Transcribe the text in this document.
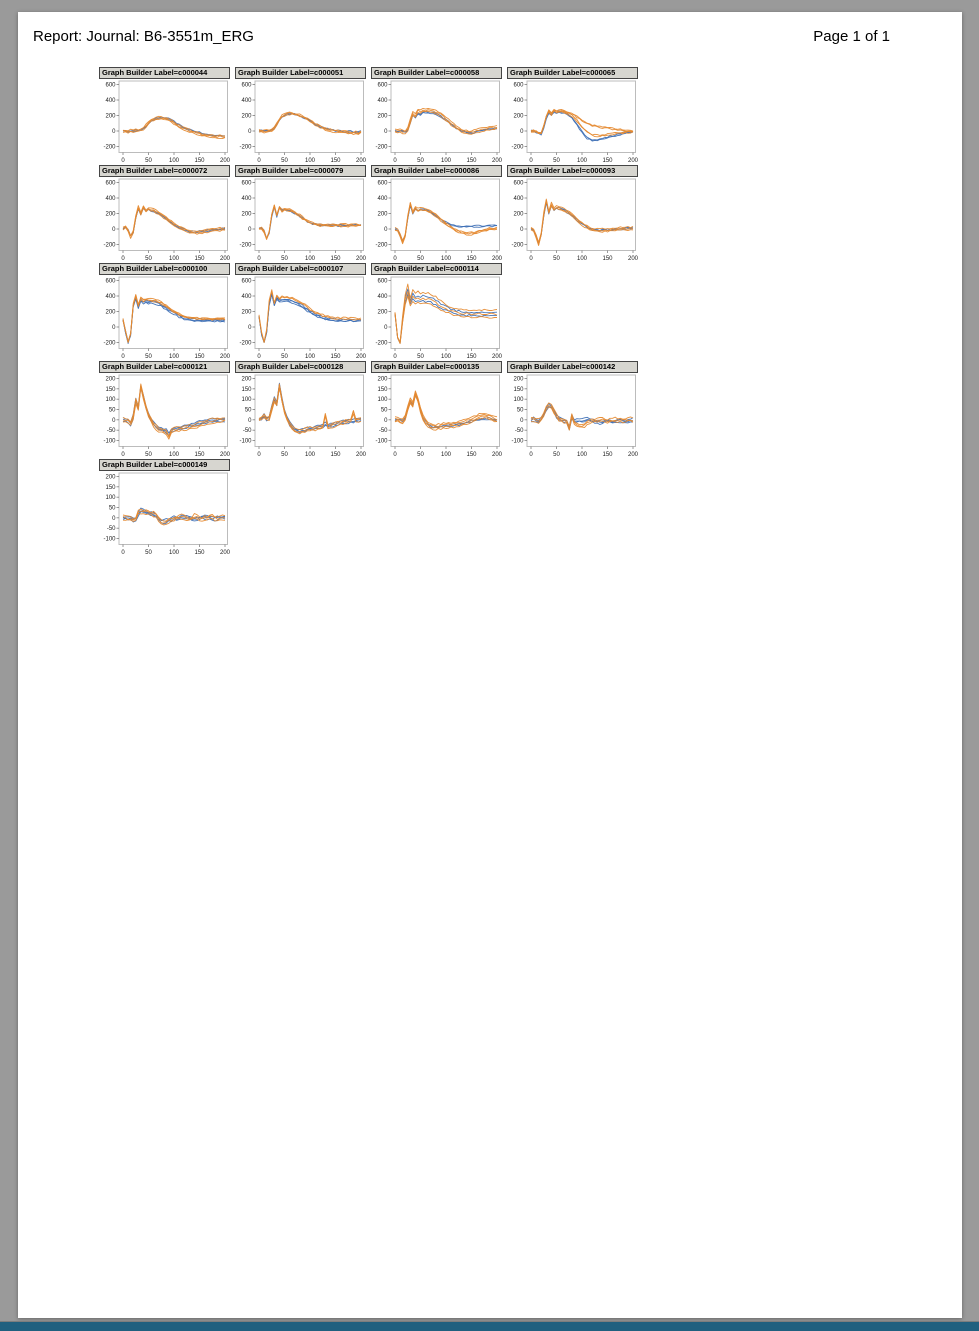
Report: Journal: B6-3551m_ERG	Page 1 of 1
Graph Builder Label=c000044
600
400
200
0
-200
0	50	100	150	200
Graph Builder Label=c000051
600
400
200
0
-200
0	50	100	150	200
Graph Builder Label=c000058
600
400
200
0
-200
0	50	100	150	200
Graph Builder Label=c000065
600
400
200
0
-200
0	50	100	150	200
Graph Builder Label=c000072
600
400
200
0
-200
0	50	100	150	200
Graph Builder Label=c000079
600
400
200
0
-200
0	50	100	150	200
Graph Builder Label=c000086
600
400
200
0
-200
0	50	100	150	200
Graph Builder Label=c000093
600
400
200
0
-200
0	50	100	150	200
Graph Builder Label=c000100
600
400
200
0
-200
0	50	100	150	200
Graph Builder Label=c000107
600
400
200
0
-200
0	50	100	150	200
Graph Builder Label=c000114
600
400
200
0
-200
0	50	100	150	200
Graph Builder Label=c000121
200
150
100
50
0
-50
-100
0	50	100	150	200
Graph Builder Label=c000128
200
150
100
50
0
-50
-100
0	50	100	150	200
Graph Builder Label=c000135
200
150
100
50
0
-50
-100
0	50	100	150	200
Graph Builder Label=c000142
200
150
100
50
0
-50
-100
0	50	100	150	200
Graph Builder Label=c000149
200
150
100
50
0
-50
-100
0	50	100	150	200
